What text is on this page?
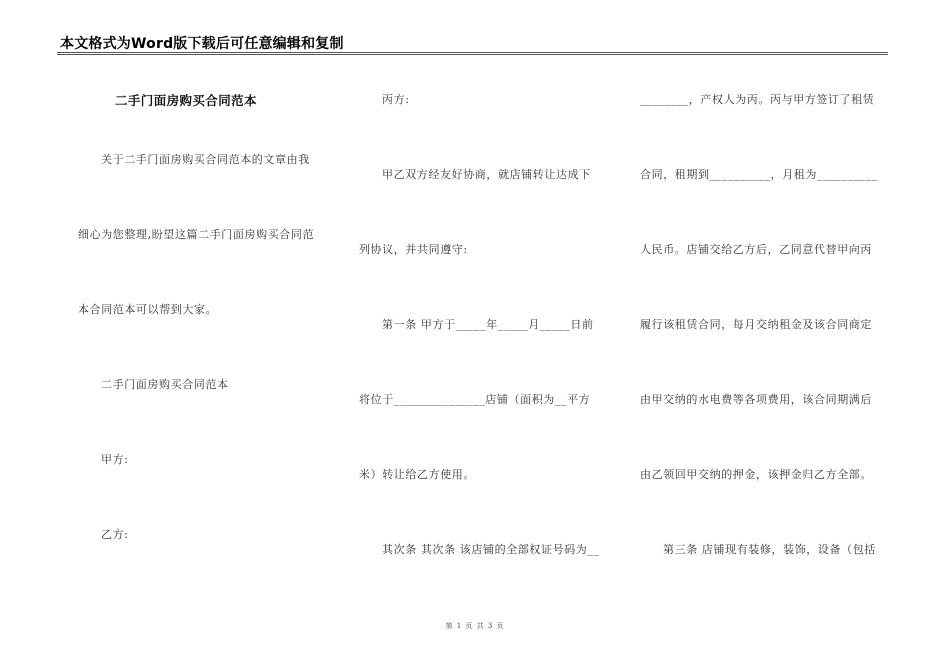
本文格式为Word版下载后可任意编辑和复制
二手门面房购买合同范本
关于二手门面房购买合同范本的文章由我
细心为您整理,盼望这篇二手门面房购买合同范
本合同范本可以帮到大家。
二手门面房购买合同范本
甲方:
乙方:
丙方:
甲乙双方经友好协商，就店铺转让达成下
列协议，并共同遵守:
第一条 甲方于_____年_____月_____日前
将位于_______________店铺（面积为__平方
米）转让给乙方使用。
其次条 其次条 该店铺的全部权证号码为__
________，产权人为丙。丙与甲方签订了租赁
合同，租期到__________，月租为__________
人民币。店铺交给乙方后，乙同意代替甲向丙
履行该租赁合同，每月交纳租金及该合同商定
由甲交纳的水电费等各项费用，该合同期满后
由乙领回甲交纳的押金，该押金归乙方全部。
第三条 店铺现有装修，装饰，设备（包括
第 1 页 共 3 页
